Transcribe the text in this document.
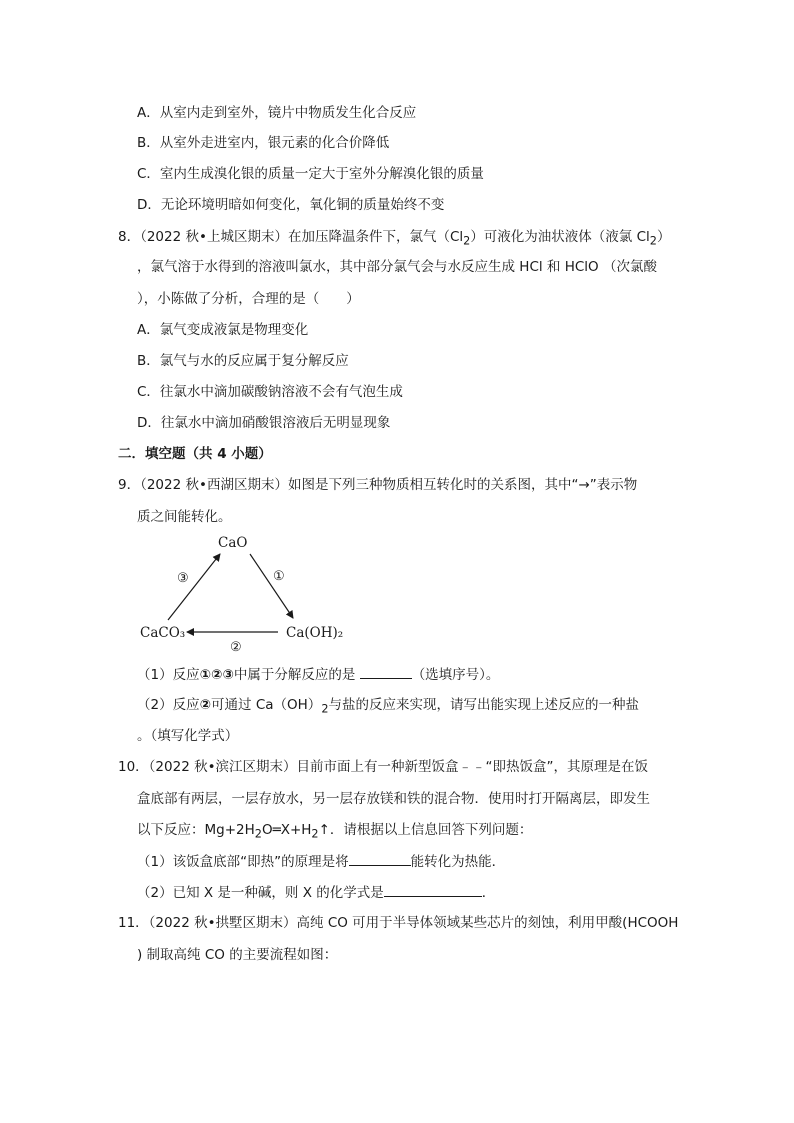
A．从室内走到室外，镜片中物质发生化合反应
B．从室外走进室内，银元素的化合价降低
C．室内生成溴化银的质量一定大于室外分解溴化银的质量
D．无论环境明暗如何变化，氧化铜的质量始终不变
8．（2022 秋•上城区期末）在加压降温条件下，氯气$(Cl_2)$可液化为油状液体（液氯 $Cl_2$）
，氯气溶于水得到的溶液叫氯水，其中部分氯气会与水反应生成 HCl 和 HClO （次氯酸
），小陈做了分析，合理的是（　　）
A．氯气变成液氯是物理变化
B．氯气与水的反应属于复分解反应
C．往氯水中滴加碳酸钠溶液不会有气泡生成
D．往氯水中滴加硝酸银溶液后无明显现象
二．填空题（共 4 小题）
9．（2022 秋•西湖区期末）如图是下列三种物质相互转化时的关系图，其中“→”表示物
质之间能转化。
CaO
CaCO₃	Ca(OH)₂
①
②
③
（1）反应①②③中属于分解反应的是	（选填序号）。
（2）反应②可通过 $Ca(OH)_2$与盐的反应来实现，请写出能实现上述反应的一种盐
。（填写化学式）
10．（2022 秋•滨江区期末）目前市面上有一种新型饭盒﹣﹣“即热饭盒”，其原理是在饭
盒底部有两层，一层存放水，另一层存放镁和铁的混合物．使用时打开隔离层，即发生
以下反应：$Mg+2H_2O═X+H_2↑$．请根据以上信息回答下列问题：
（1）该饭盒底部“即热”的原理是将	能转化为热能．
（2）已知 X 是一种碱，则 X 的化学式是	．
11．（2022 秋•拱墅区期末）高纯 CO 可用于半导体领域某些芯片的刻蚀，利用甲酸(HCOOH
) 制取高纯 CO 的主要流程如图：
